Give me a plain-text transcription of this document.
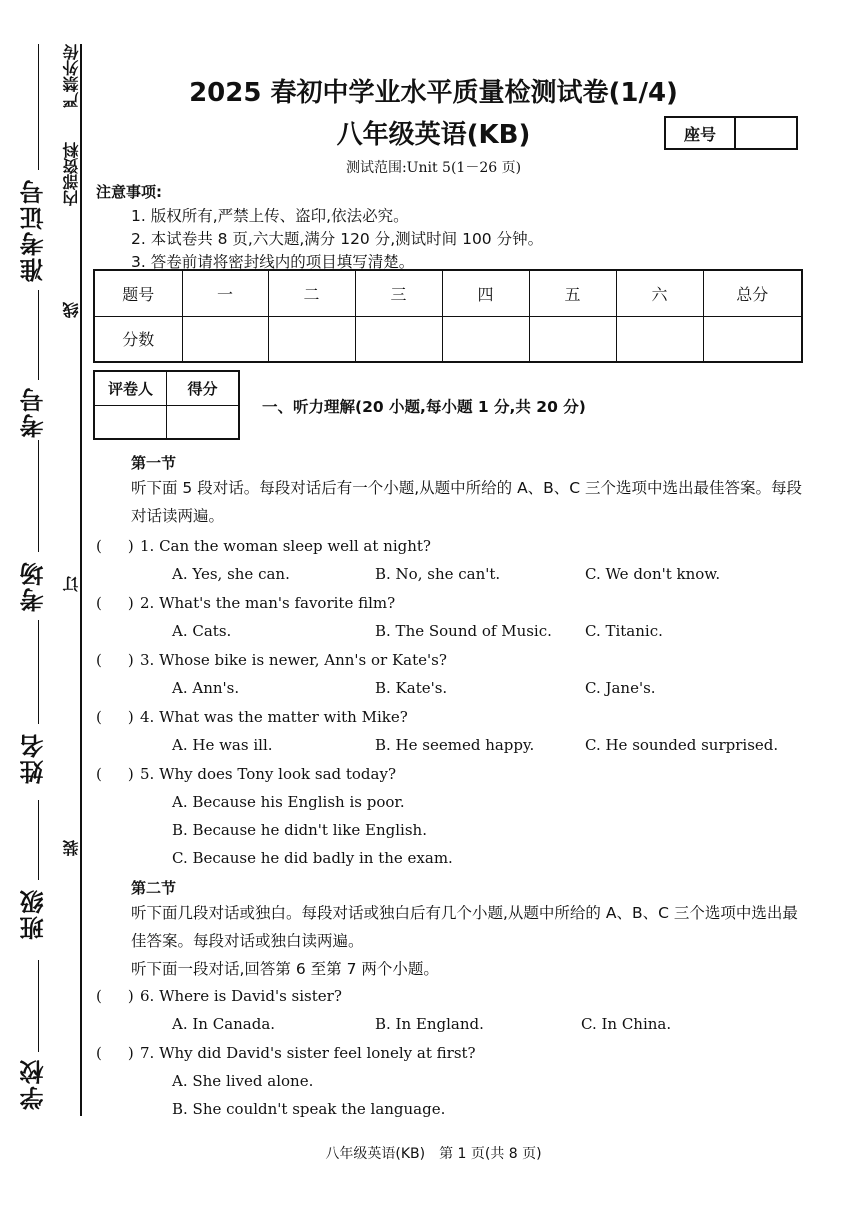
准考证号
考号
考场
姓名
班级
学校
严禁外传
内部资料
线
订
装
2025 春初中学业水平质量检测试卷(1/4)
八年级英语(KB)
测试范围:Unit 5(1－26 页)
座号
注意事项:
1. 版权所有,严禁上传、盗印,依法必究。
2. 本试卷共 8 页,六大题,满分 120 分,测试时间 100 分钟。
3. 答卷前请将密封线内的项目填写清楚。
题号	一	二	三	四	五	六	总分
分数							
评卷人	得分

一、听力理解(20 小题,每小题 1 分,共 20 分)
第一节
听下面 5 段对话。每段对话后有一个小题,从题中所给的 A、B、C 三个选项中选出最佳答案。每段对话读两遍。
( ) 1. Can the woman sleep well at night?
A. Yes, she can.	B. No, she can't.	C. We don't know.
( ) 2. What's the man's favorite film?
A. Cats.	B. The Sound of Music. C. Titanic.
( ) 3. Whose bike is newer, Ann's or Kate's?
A. Ann's.	B. Kate's.	C. Jane's.
( ) 4. What was the matter with Mike?
A. He was ill.	B. He seemed happy.	C. He sounded surprised.
( ) 5. Why does Tony look sad today?
A. Because his English is poor.
B. Because he didn't like English.
C. Because he did badly in the exam.
第二节
听下面几段对话或独白。每段对话或独白后有几个小题,从题中所给的 A、B、C 三个选项中选出最佳答案。每段对话或独白读两遍。
听下面一段对话,回答第 6 至第 7 两个小题。
( ) 6. Where is David's sister?
A. In Canada.	B. In England.	C. In China.
( ) 7. Why did David's sister feel lonely at first?
A. She lived alone.
B. She couldn't speak the language.
八年级英语(KB)　第 1 页(共 8 页)
